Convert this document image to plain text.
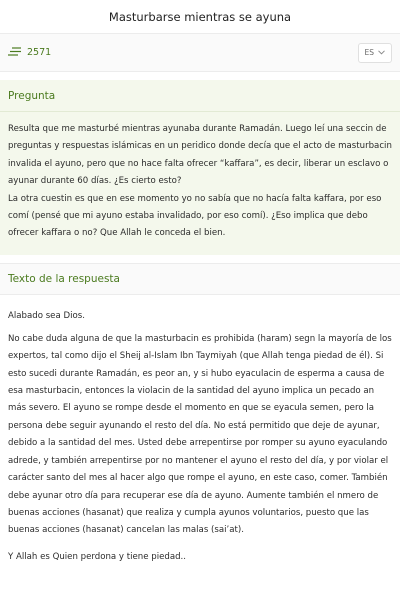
Masturbarse mientras se ayuna
2571	ES
Pregunta

Resulta que me masturbé mientras ayunaba durante Ramadán. Luego leí una seccin de preguntas y respuestas islámicas en un peridico donde decía que el acto de masturbacin invalida el ayuno, pero que no hace falta ofrecer “kaffara”, es decir, liberar un esclavo o ayunar durante 60 días. ¿Es cierto esto?

La otra cuestin es que en ese momento yo no sabía que no hacía falta kaffara, por eso comí (pensé que mi ayuno estaba invalidado, por eso comí). ¿Eso implica que debo ofrecer kaffara o no? Que Allah le conceda el bien.

Texto de la respuesta

Alabado sea Dios.

No cabe duda alguna de que la masturbacin es prohibida (haram) segn la mayoría de los expertos, tal como dijo el Sheij al-Islam Ibn Taymiyah (que Allah tenga piedad de él). Si esto sucedi durante Ramadán, es peor an, y si hubo eyaculacin de esperma a causa de esa masturbacin, entonces la violacin de la santidad del ayuno implica un pecado an más severo. El ayuno se rompe desde el momento en que se eyacula semen, pero la persona debe seguir ayunando el resto del día. No está permitido que deje de ayunar, debido a la santidad del mes. Usted debe arrepentirse por romper su ayuno eyaculando adrede, y también arrepentirse por no mantener el ayuno el resto del día, y por violar el carácter santo del mes al hacer algo que rompe el ayuno, en este caso, comer. También debe ayunar otro día para recuperar ese día de ayuno. Aumente también el nmero de buenas acciones (hasanat) que realiza y cumpla ayunos voluntarios, puesto que las buenas acciones (hasanat) cancelan las malas (sai’at).

Y Allah es Quien perdona y tiene piedad..
